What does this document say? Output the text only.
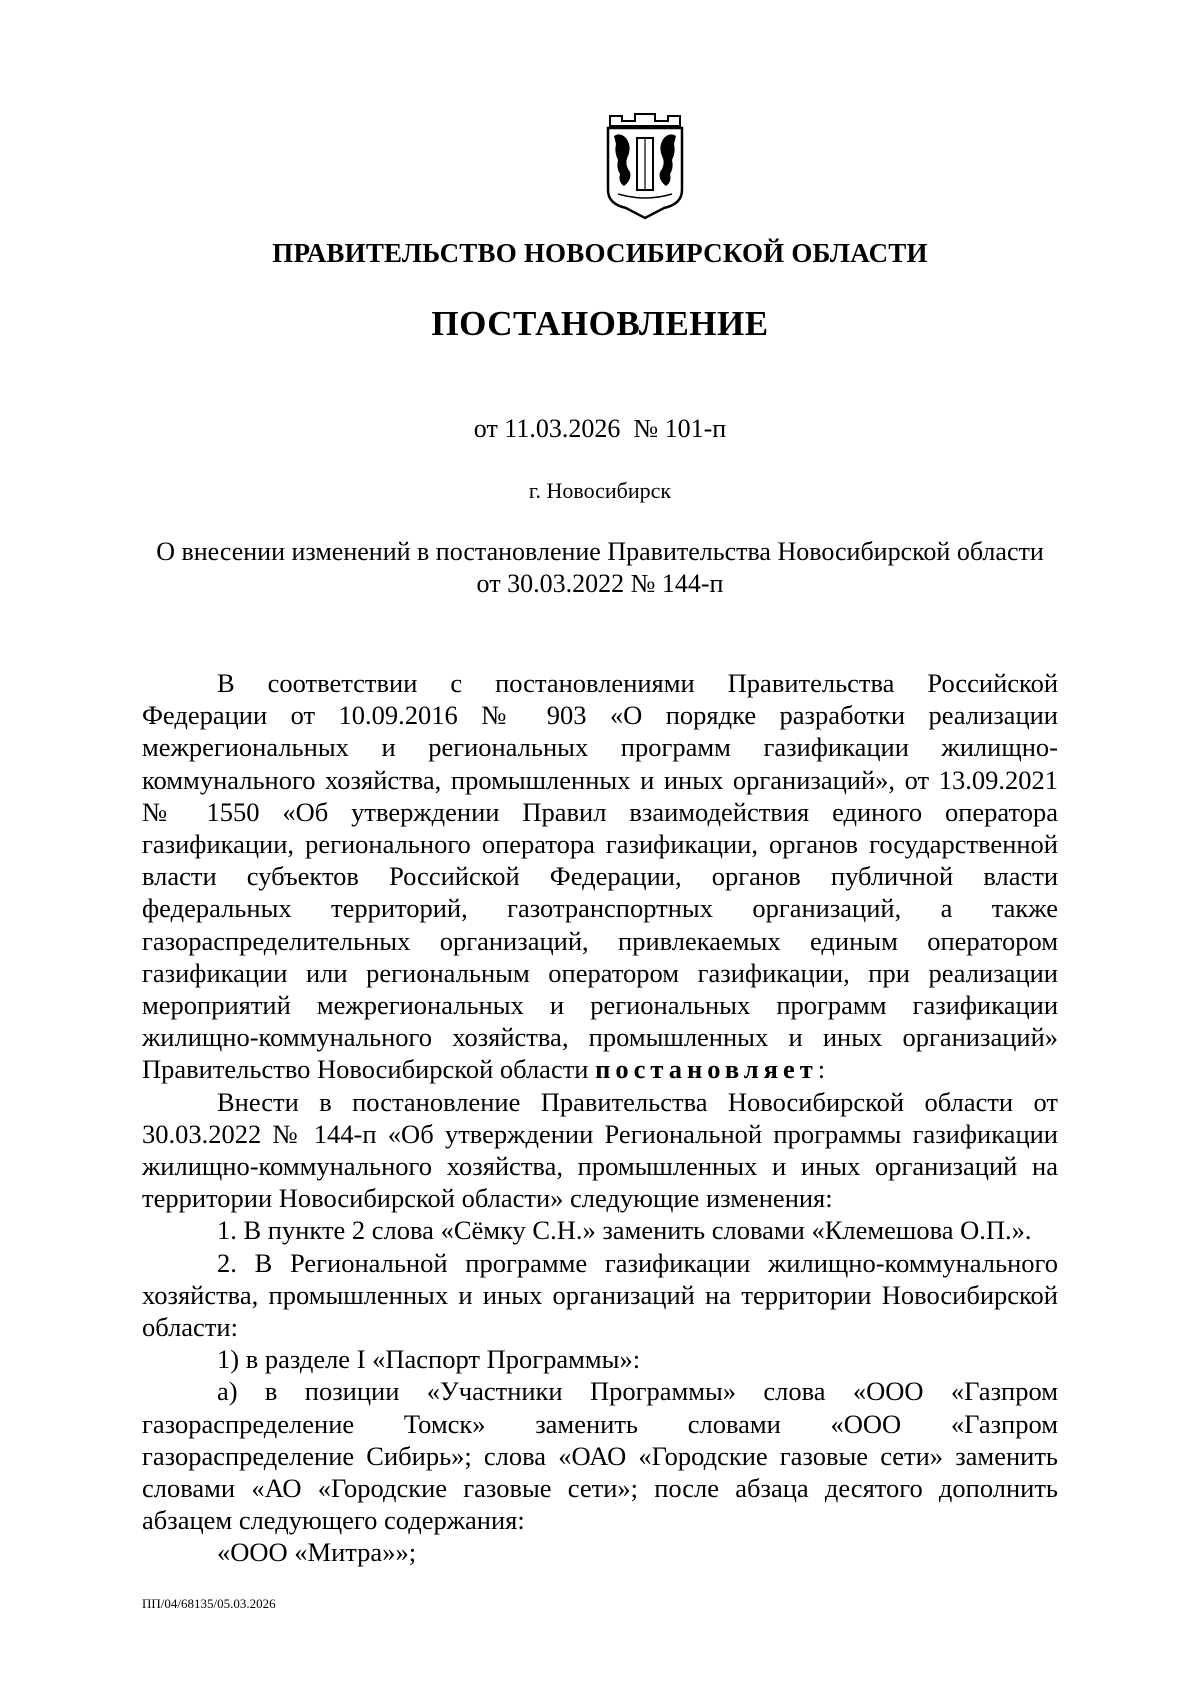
ПРАВИТЕЛЬСТВО НОВОСИБИРСКОЙ ОБЛАСТИ
ПОСТАНОВЛЕНИЕ
от 11.03.2026  № 101-п
г. Новосибирск
О внесении изменений в постановление Правительства Новосибирской области
от 30.03.2022 № 144-п

В соответствии с постановлениями Правительства Российской Федерации от 10.09.2016 № 903 «О порядке разработки реализации межрегиональных и региональных программ газификации жилищно-коммунального хозяйства, промышленных и иных организаций», от 13.09.2021 № 1550 «Об утверждении Правил взаимодействия единого оператора газификации, регионального оператора газификации, органов государственной власти субъектов Российской Федерации, органов публичной власти федеральных территорий, газотранспортных организаций, а также газораспределительных организаций, привлекаемых единым оператором газификации или региональным оператором газификации, при реализации мероприятий межрегиональных и региональных программ газификации жилищно-коммунального хозяйства, промышленных и иных организаций» Правительство Новосибирской области постановляет:

Внести в постановление Правительства Новосибирской области от 30.03.2022 № 144-п «Об утверждении Региональной программы газификации жилищно-коммунального хозяйства, промышленных и иных организаций на территории Новосибирской области» следующие изменения:

1. В пункте 2 слова «Сёмку С.Н.» заменить словами «Клемешова О.П.».

2. В Региональной программе газификации жилищно-коммунального хозяйства, промышленных и иных организаций на территории Новосибирской области:

1) в разделе I «Паспорт Программы»:

а) в позиции «Участники Программы» слова «ООО «Газпром газораспределение Томск» заменить словами «ООО «Газпром газораспределение Сибирь»; слова «ОАО «Городские газовые сети» заменить словами «АО «Городские газовые сети»; после абзаца десятого дополнить абзацем следующего содержания:

«ООО «Митра»»;

ПП/04/68135/05.03.2026
